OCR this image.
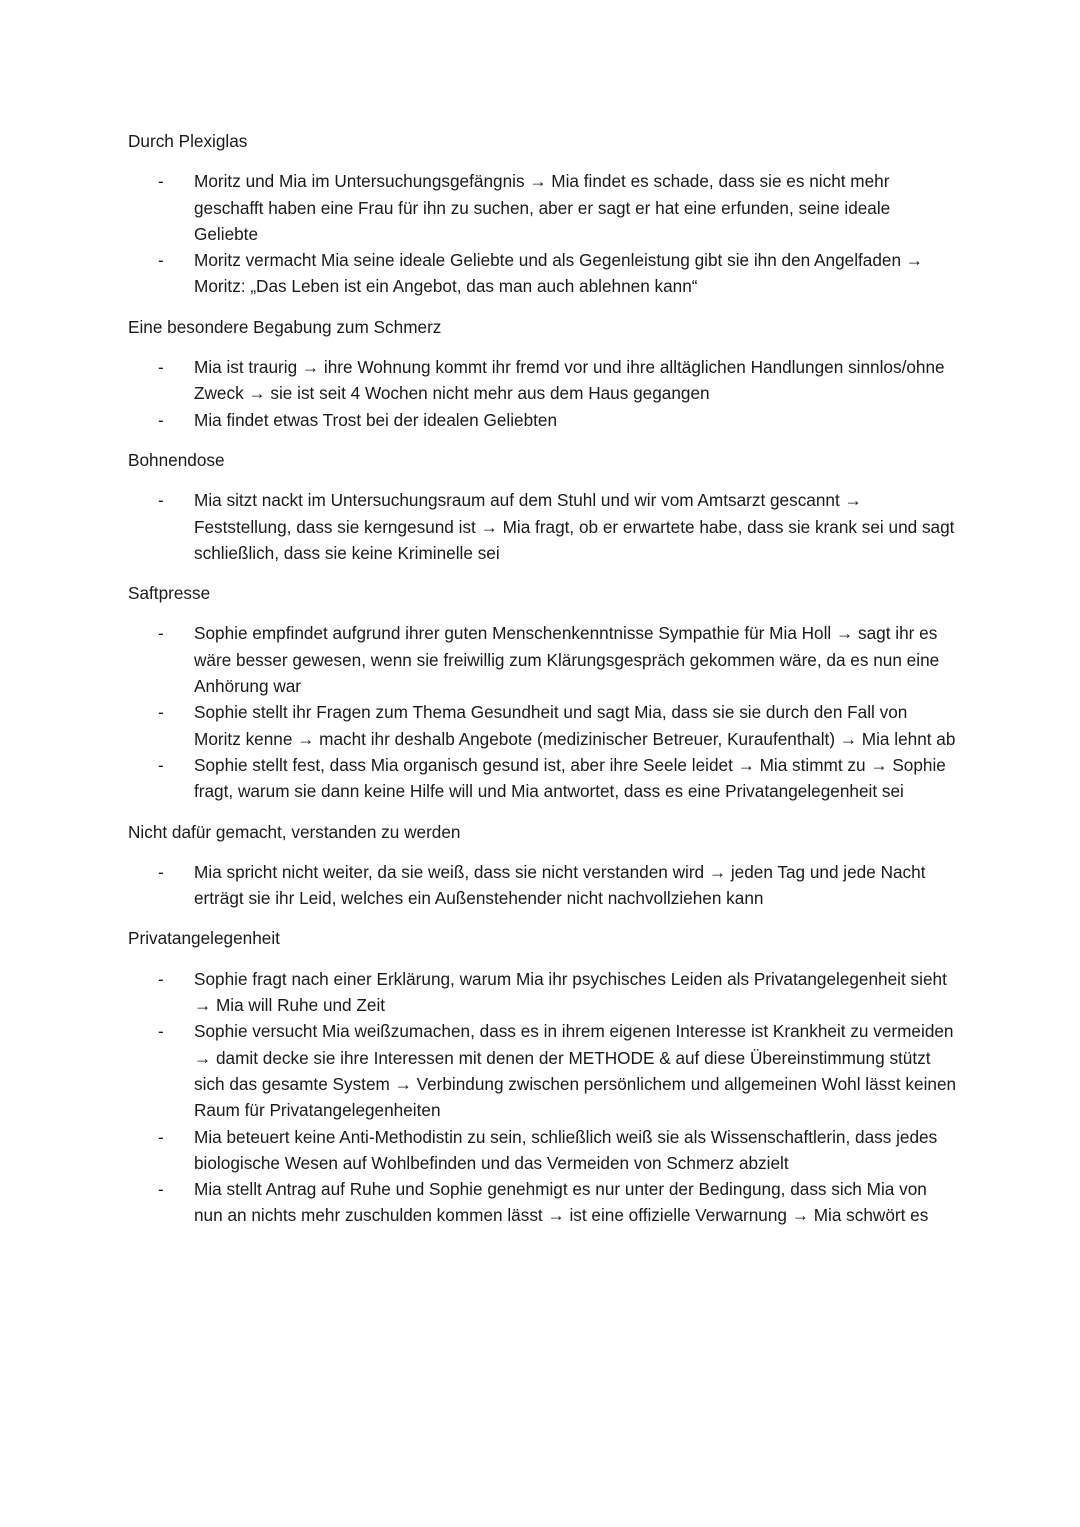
Durch Plexiglas
- Moritz und Mia im Untersuchungsgefängnis → Mia findet es schade, dass sie es nicht mehr geschafft haben eine Frau für ihn zu suchen, aber er sagt er hat eine erfunden, seine ideale Geliebte
- Moritz vermacht Mia seine ideale Geliebte und als Gegenleistung gibt sie ihn den Angelfaden → Moritz: „Das Leben ist ein Angebot, das man auch ablehnen kann“
Eine besondere Begabung zum Schmerz
- Mia ist traurig → ihre Wohnung kommt ihr fremd vor und ihre alltäglichen Handlungen sinnlos/ohne Zweck → sie ist seit 4 Wochen nicht mehr aus dem Haus gegangen
- Mia findet etwas Trost bei der idealen Geliebten
Bohnendose
- Mia sitzt nackt im Untersuchungsraum auf dem Stuhl und wir vom Amtsarzt gescannt → Feststellung, dass sie kerngesund ist → Mia fragt, ob er erwartete habe, dass sie krank sei und sagt schließlich, dass sie keine Kriminelle sei
Saftpresse
- Sophie empfindet aufgrund ihrer guten Menschenkenntnisse Sympathie für Mia Holl → sagt ihr es wäre besser gewesen, wenn sie freiwillig zum Klärungsgespräch gekommen wäre, da es nun eine Anhörung war
- Sophie stellt ihr Fragen zum Thema Gesundheit und sagt Mia, dass sie sie durch den Fall von Moritz kenne → macht ihr deshalb Angebote (medizinischer Betreuer, Kuraufenthalt) → Mia lehnt ab
- Sophie stellt fest, dass Mia organisch gesund ist, aber ihre Seele leidet → Mia stimmt zu → Sophie fragt, warum sie dann keine Hilfe will und Mia antwortet, dass es eine Privatangelegenheit sei
Nicht dafür gemacht, verstanden zu werden
- Mia spricht nicht weiter, da sie weiß, dass sie nicht verstanden wird → jeden Tag und jede Nacht erträgt sie ihr Leid, welches ein Außenstehender nicht nachvollziehen kann
Privatangelegenheit
- Sophie fragt nach einer Erklärung, warum Mia ihr psychisches Leiden als Privatangelegenheit sieht → Mia will Ruhe und Zeit
- Sophie versucht Mia weißzumachen, dass es in ihrem eigenen Interesse ist Krankheit zu vermeiden → damit decke sie ihre Interessen mit denen der METHODE & auf diese Übereinstimmung stützt sich das gesamte System → Verbindung zwischen persönlichem und allgemeinen Wohl lässt keinen Raum für Privatangelegenheiten
- Mia beteuert keine Anti-Methodistin zu sein, schließlich weiß sie als Wissenschaftlerin, dass jedes biologische Wesen auf Wohlbefinden und das Vermeiden von Schmerz abzielt
- Mia stellt Antrag auf Ruhe und Sophie genehmigt es nur unter der Bedingung, dass sich Mia von nun an nichts mehr zuschulden kommen lässt → ist eine offizielle Verwarnung → Mia schwört es
